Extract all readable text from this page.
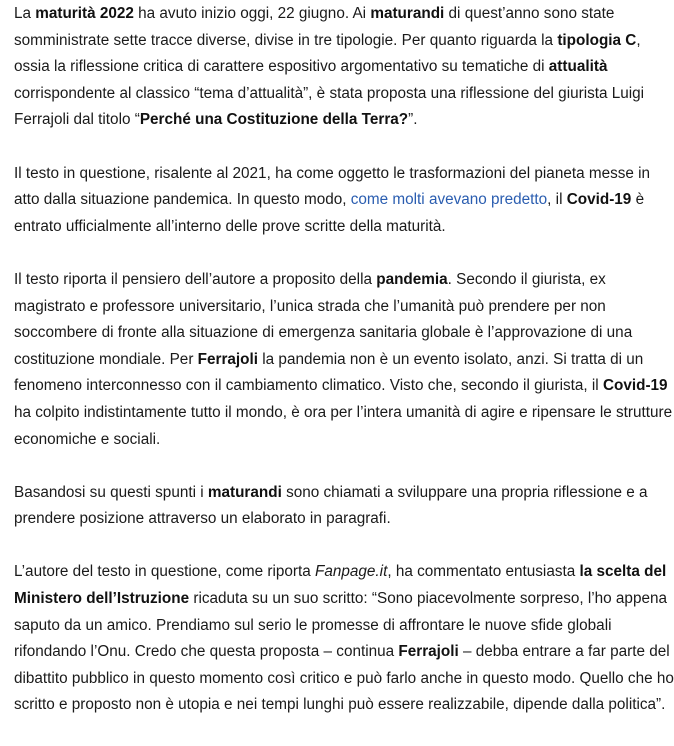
La maturità 2022 ha avuto inizio oggi, 22 giugno. Ai maturandi di quest’anno sono state
somministrate sette tracce diverse, divise in tre tipologie. Per quanto riguarda la tipologia C,
ossia la riflessione critica di carattere espositivo argomentativo su tematiche di attualità
corrispondente al classico “tema d’attualità”, è stata proposta una riflessione del giurista Luigi
Ferrajoli dal titolo “Perché una Costituzione della Terra?”.

Il testo in questione, risalente al 2021, ha come oggetto le trasformazioni del pianeta messe in
atto dalla situazione pandemica. In questo modo, come molti avevano predetto, il Covid-19 è
entrato ufficialmente all’interno delle prove scritte della maturità.

Il testo riporta il pensiero dell’autore a proposito della pandemia. Secondo il giurista, ex
magistrato e professore universitario, l’unica strada che l’umanità può prendere per non
soccombere di fronte alla situazione di emergenza sanitaria globale è l’approvazione di una
costituzione mondiale. Per Ferrajoli la pandemia non è un evento isolato, anzi. Si tratta di un
fenomeno interconnesso con il cambiamento climatico. Visto che, secondo il giurista, il Covid-19
ha colpito indistintamente tutto il mondo, è ora per l’intera umanità di agire e ripensare le strutture
economiche e sociali.

Basandosi su questi spunti i maturandi sono chiamati a sviluppare una propria riflessione e a
prendere posizione attraverso un elaborato in paragrafi.

L’autore del testo in questione, come riporta Fanpage.it, ha commentato entusiasta la scelta del
Ministero dell’Istruzione ricaduta su un suo scritto: “Sono piacevolmente sorpreso, l’ho appena
saputo da un amico. Prendiamo sul serio le promesse di affrontare le nuove sfide globali
rifondando l’Onu. Credo che questa proposta – continua Ferrajoli – debba entrare a far parte del
dibattito pubblico in questo momento così critico e può farlo anche in questo modo. Quello che ho
scritto e proposto non è utopia e nei tempi lunghi può essere realizzabile, dipende dalla politica”.
